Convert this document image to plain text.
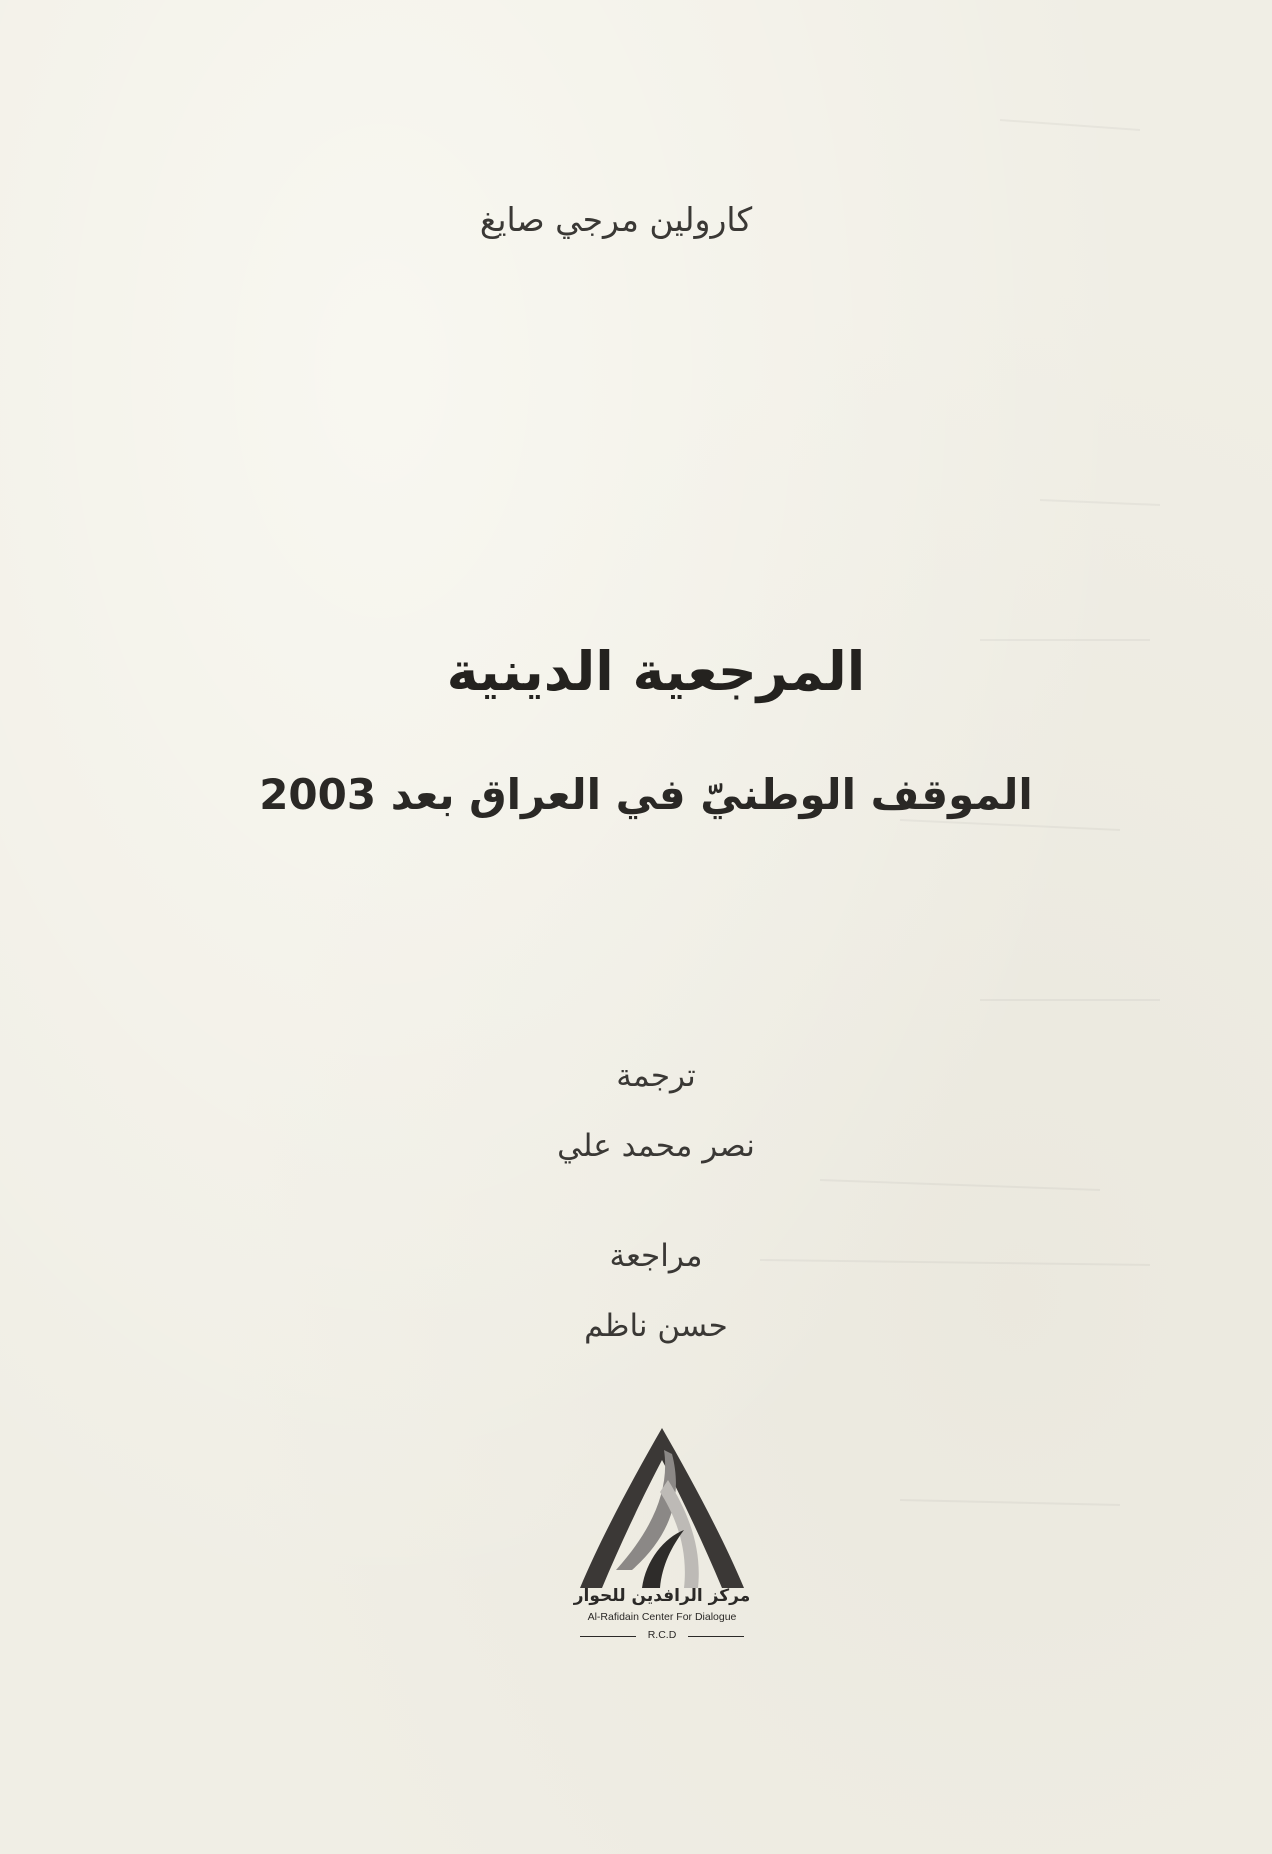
كارولين مرجي صايغ
المرجعية الدينية
الموقف الوطنيّ في العراق بعد 2003
ترجمة
نصر محمد علي
مراجعة
حسن ناظم
مركز الرافدين للحوار
Al-Rafidain Center For Dialogue
R.C.D
